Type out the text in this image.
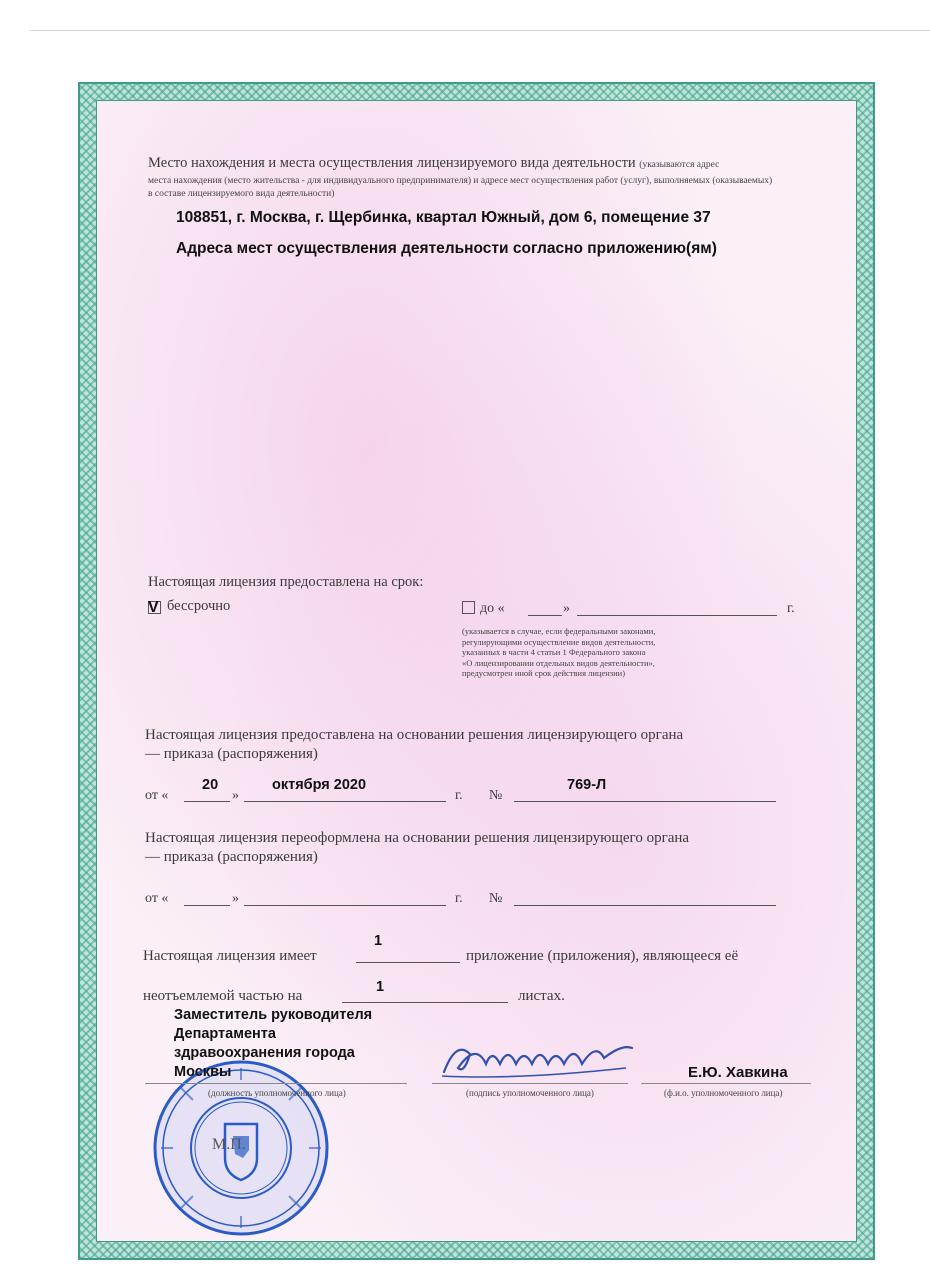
Место нахождения и места осуществления лицензируемого вида деятельности (указываются адрес
места нахождения (место жительства - для индивидуального предпринимателя) и адресе мест осуществления работ (услуг), выполняемых (оказываемых)
в составе лицензируемого вида деятельности)
108851, г. Москва, г. Щербинка, квартал Южный, дом 6, помещение 37
Адреса мест осуществления деятельности согласно приложению(ям)
Настоящая лицензия предоставлена на срок:
V бессрочно	до «	»	г.
(указывается в случае, если федеральными законами,
регулирующими осуществление видов деятельности,
указанных в части 4 статьи 1 Федерального закона
«О лицензировании отдельных видов деятельности»,
предусмотрен иной срок действия лицензии)
Настоящая лицензия предоставлена на основании решения лицензирующего органа
— приказа (распоряжения)
от «
20
»
октября 2020
г. №
769-Л
Настоящая лицензия переоформлена на основании решения лицензирующего органа
— приказа (распоряжения)
от «	»	г. №
Настоящая лицензия имеет
1
приложение (приложения), являющееся её
неотъемлемой частью на
1
листах.
М.П.
Заместитель руководителя
Департамента
здравоохранения города
Москвы
(должность уполномоченного лица)	(подпись уполномоченного лица)
Е.Ю. Хавкина
(ф.и.о. уполномоченного лица)
